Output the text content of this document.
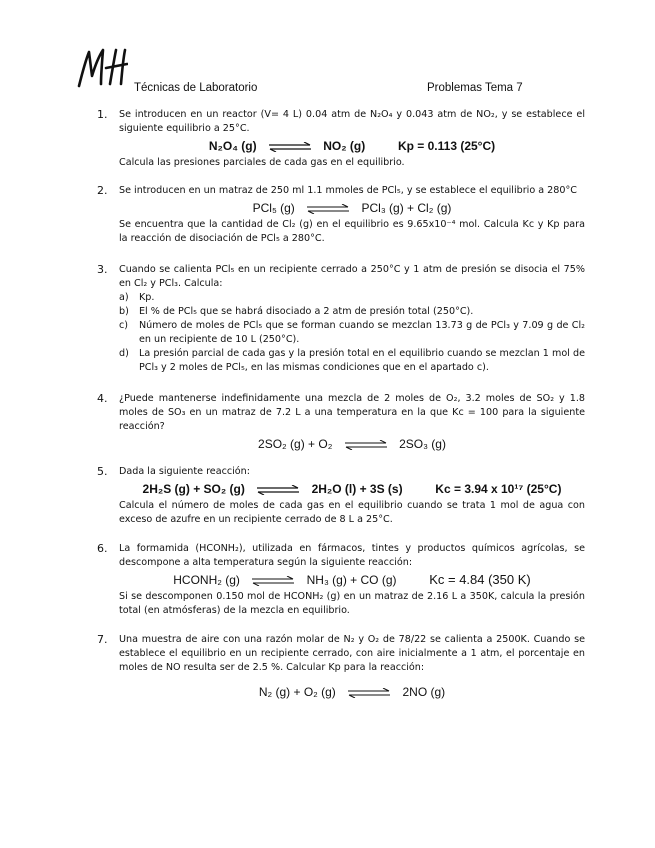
Técnicas de Laboratorio	Problemas Tema 7
1. Se introducen en un reactor (V= 4 L) 0.04 atm de N₂O₄ y 0.043 atm de NO₂, y se establece el siguiente equilibrio a 25°C.

N₂O₄ (g) ⇌ NO₂ (g)	Kp = 0.113 (25°C)

Calcula las presiones parciales de cada gas en el equilibrio.

2. Se introducen en un matraz de 250 ml 1.1 mmoles de PCl₅, y se establece el equilibrio a 280°C

PCl₅ (g) ⇌ PCl₃ (g) + Cl₂ (g)

Se encuentra que la cantidad de Cl₂ (g) en el equilibrio es 9.65x10⁻⁴ mol. Calcula Kc y Kp para la reacción de disociación de PCl₅ a 280°C.

3. Cuando se calienta PCl₅ en un recipiente cerrado a 250°C y 1 atm de presión se disocia el 75% en Cl₂ y PCl₃. Calcula:

a) Kp.
b) El % de PCl₅ que se habrá disociado a 2 atm de presión total (250°C).
c) Número de moles de PCl₅ que se forman cuando se mezclan 13.73 g de PCl₃ y 7.09 g de Cl₂ en un recipiente de 10 L (250°C).
d) La presión parcial de cada gas y la presión total en el equilibrio cuando se mezclan 1 mol de PCl₃ y 2 moles de PCl₅, en las mismas condiciones que en el apartado c).
4. ¿Puede mantenerse indefinidamente una mezcla de 2 moles de O₂, 3.2 moles de SO₂ y 1.8 moles de SO₃ en un matraz de 7.2 L a una temperatura en la que Kc = 100 para la siguiente reacción?

2SO₂ (g) + O₂ ⇌ 2SO₃ (g)
5. Dada la siguiente reacción:

2H₂S (g) + SO₂ (g) ⇌ 2H₂O (l) + 3S (s)	Kc = 3.94 x 10¹⁷ (25°C)

Calcula el número de moles de cada gas en el equilibrio cuando se trata 1 mol de agua con exceso de azufre en un recipiente cerrado de 8 L a 25°C.

6. La formamida (HCONH₂), utilizada en fármacos, tintes y productos químicos agrícolas, se descompone a alta temperatura según la siguiente reacción:

HCONH₂ (g) ⇌ NH₃ (g) + CO (g)	Kc = 4.84 (350 K)

Si se descomponen 0.150 mol de HCONH₂ (g) en un matraz de 2.16 L a 350K, calcula la presión total (en atmósferas) de la mezcla en equilibrio.

7. Una muestra de aire con una razón molar de N₂ y O₂ de 78/22 se calienta a 2500K. Cuando se establece el equilibrio en un recipiente cerrado, con aire inicialmente a 1 atm, el porcentaje en moles de NO resulta ser de 2.5 %. Calcular Kp para la reacción:

N₂ (g) + O₂ (g) ⇌ 2NO (g)
